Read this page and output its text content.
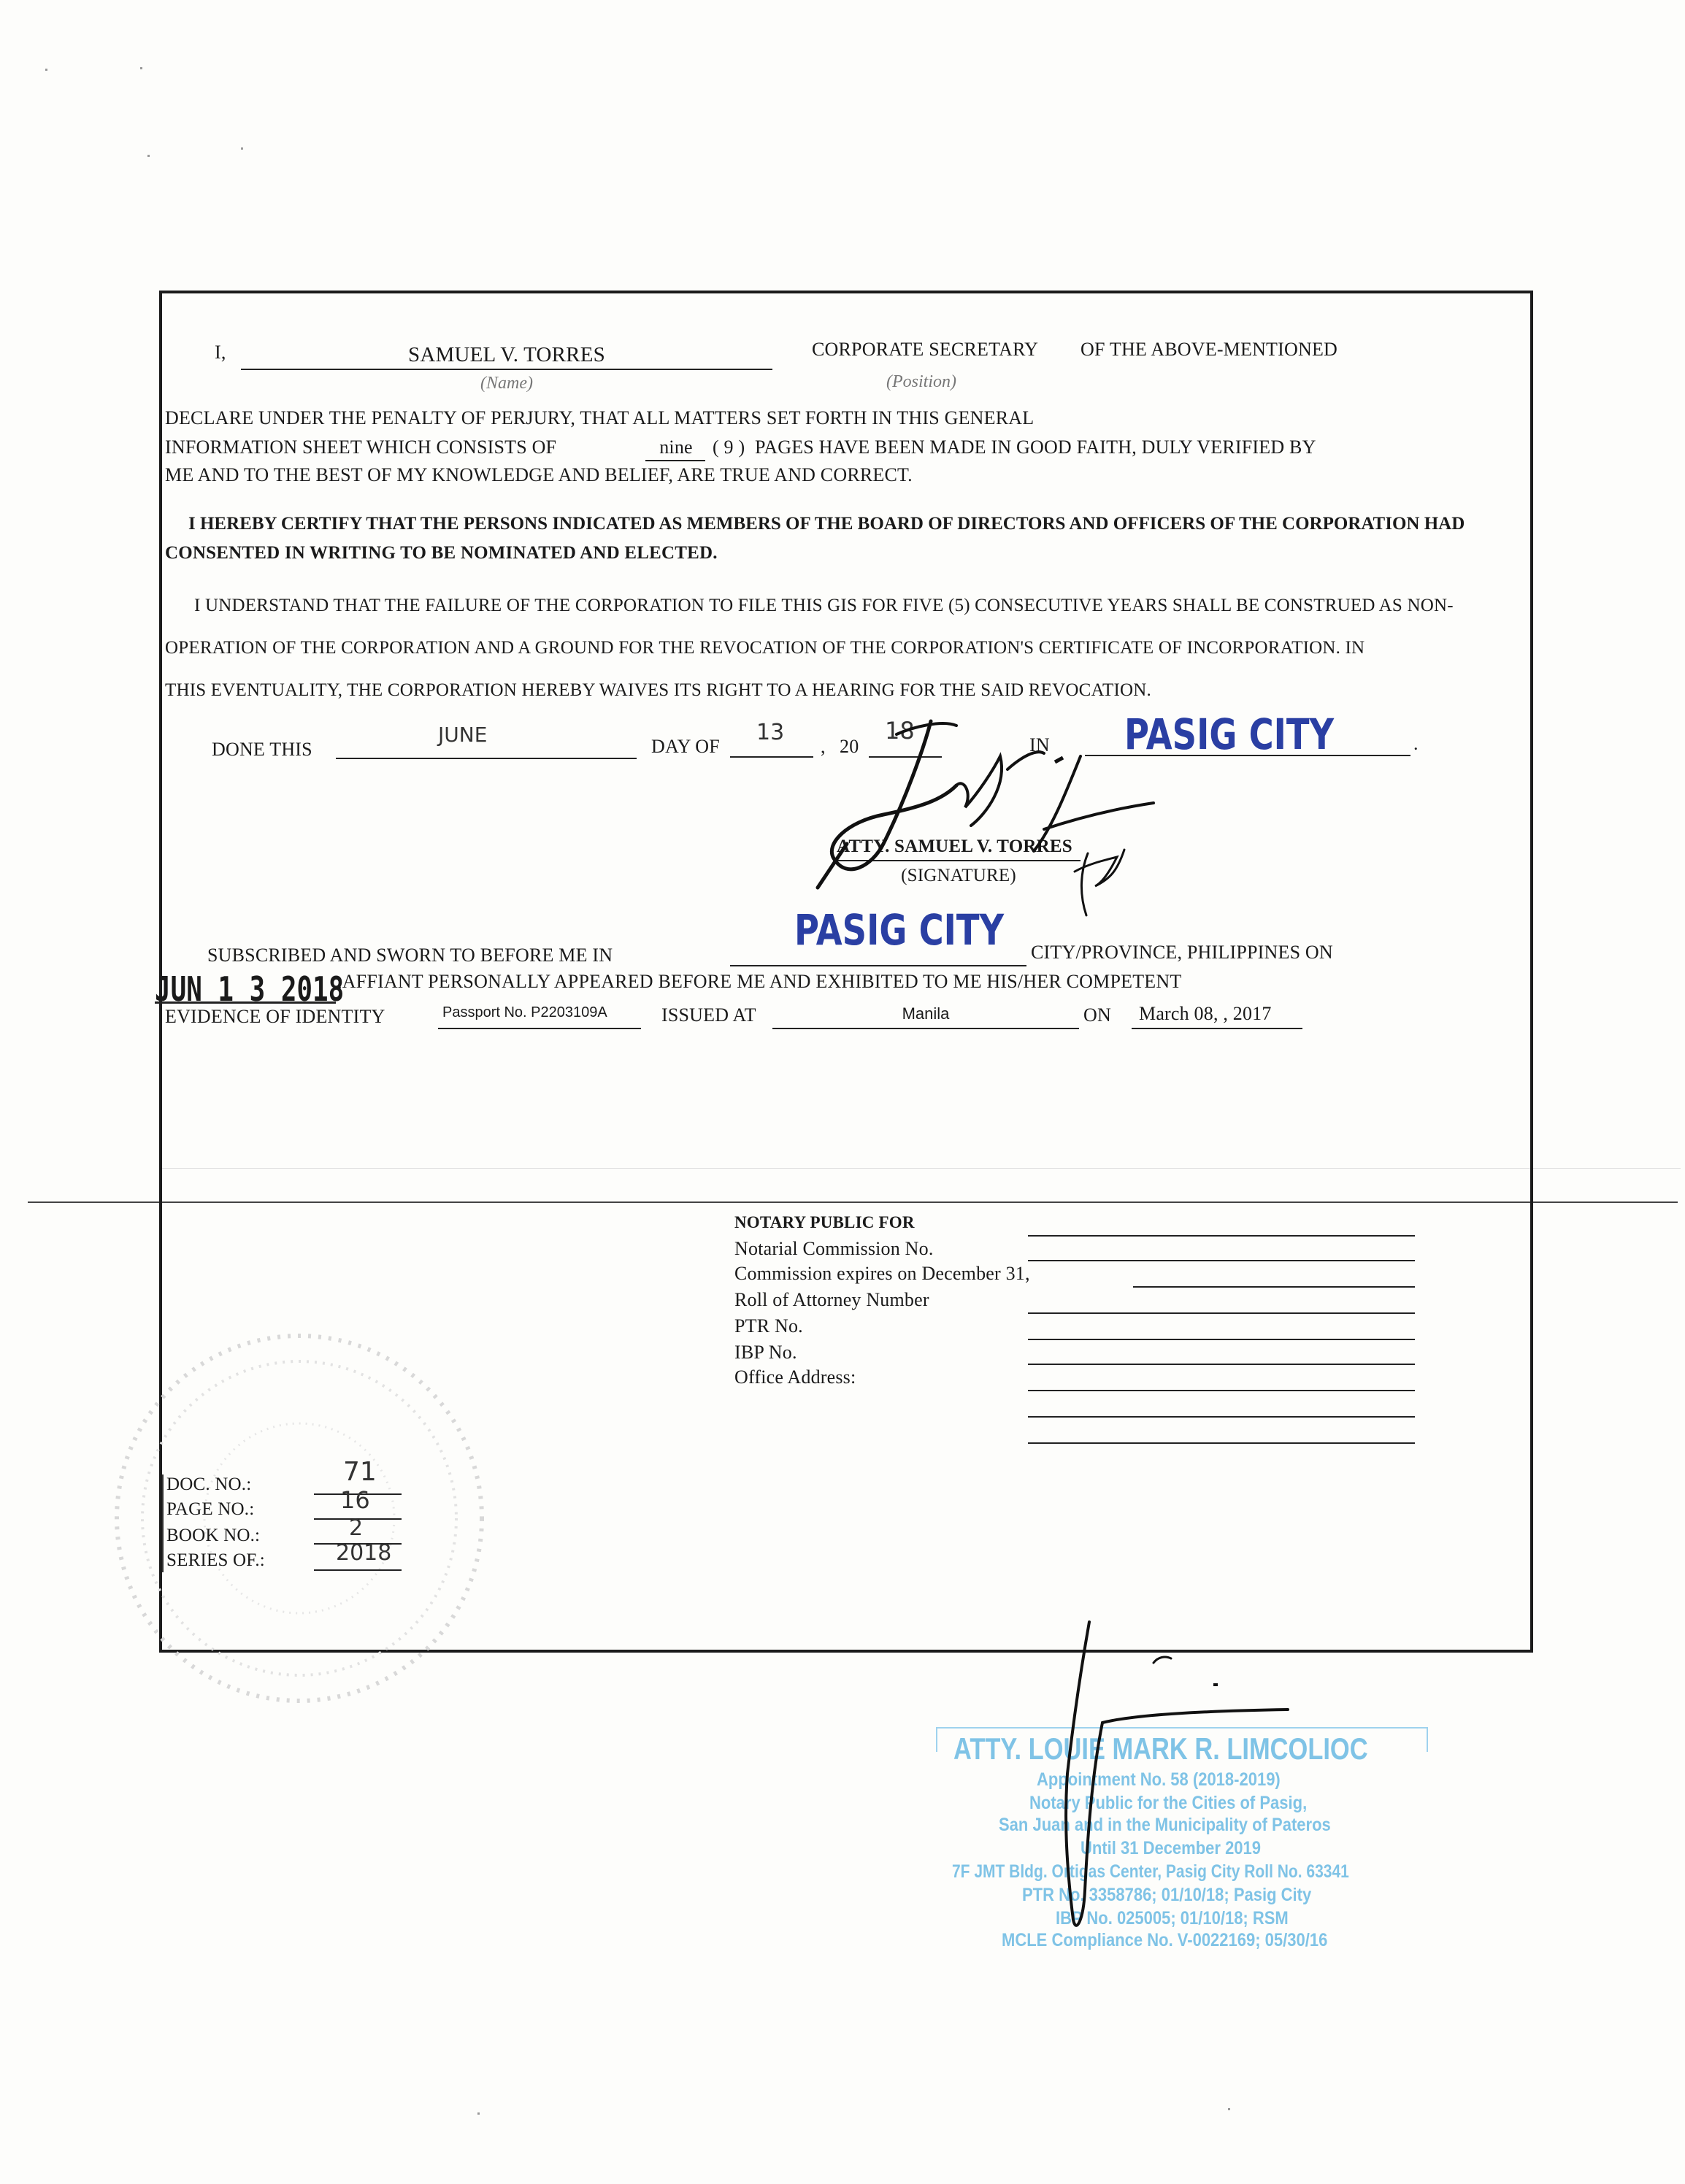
I,	SAMUEL V. TORRES
(Name)
CORPORATE SECRETARY
(Position)
OF THE ABOVE-MENTIONED
DECLARE UNDER THE PENALTY OF PERJURY, THAT ALL MATTERS SET FORTH IN THIS GENERAL
INFORMATION SHEET WHICH CONSISTS OF	nine	( 9 ) PAGES HAVE BEEN MADE IN GOOD FAITH, DULY VERIFIED BY
ME AND TO THE BEST OF MY KNOWLEDGE AND BELIEF, ARE TRUE AND CORRECT.
I HEREBY CERTIFY THAT THE PERSONS INDICATED AS MEMBERS OF THE BOARD OF DIRECTORS AND OFFICERS OF THE CORPORATION HAD
CONSENTED IN WRITING TO BE NOMINATED AND ELECTED.
I UNDERSTAND THAT THE FAILURE OF THE CORPORATION TO FILE THIS GIS FOR FIVE (5) CONSECUTIVE YEARS SHALL BE CONSTRUED AS NON-
OPERATION OF THE CORPORATION AND A GROUND FOR THE REVOCATION OF THE CORPORATION'S CERTIFICATE OF INCORPORATION. IN
THIS EVENTUALITY, THE CORPORATION HEREBY WAIVES ITS RIGHT TO A HEARING FOR THE SAID REVOCATION.
DONE THIS
JUNE	DAY OF
13
, 20
18
IN PASIG CITY	.
ATTY. SAMUEL V. TORRES
(SIGNATURE)
SUBSCRIBED AND SWORN TO BEFORE ME IN
PASIG CITY CITY/PROVINCE, PHILIPPINES ON
JUN 1 3 2018
,AFFIANT PERSONALLY APPEARED BEFORE ME AND EXHIBITED TO ME HIS/HER COMPETENT
EVIDENCE OF IDENTITY	Passport No. P2203109A	ISSUED AT	Manila	ON March 08, , 2017
NOTARY PUBLIC FOR
Notarial Commission No.
Commission expires on December 31,
Roll of Attorney Number
PTR No.
IBP No.
Office Address:
DOC. NO.:	71
PAGE NO.:	16
BOOK NO.:	2
SERIES OF.:	2018
ATTY. LOUIE MARK R. LIMCOLIOC
Appointment No. 58 (2018-2019)
Notary Public for the Cities of Pasig,
San Juan and in the Municipality of Pateros
Until 31 December 2019
7F JMT Bldg. Ortigas Center, Pasig City Roll No. 63341
PTR No. 3358786; 01/10/18; Pasig City
IBP No. 025005; 01/10/18; RSM
MCLE Compliance No. V-0022169; 05/30/16
